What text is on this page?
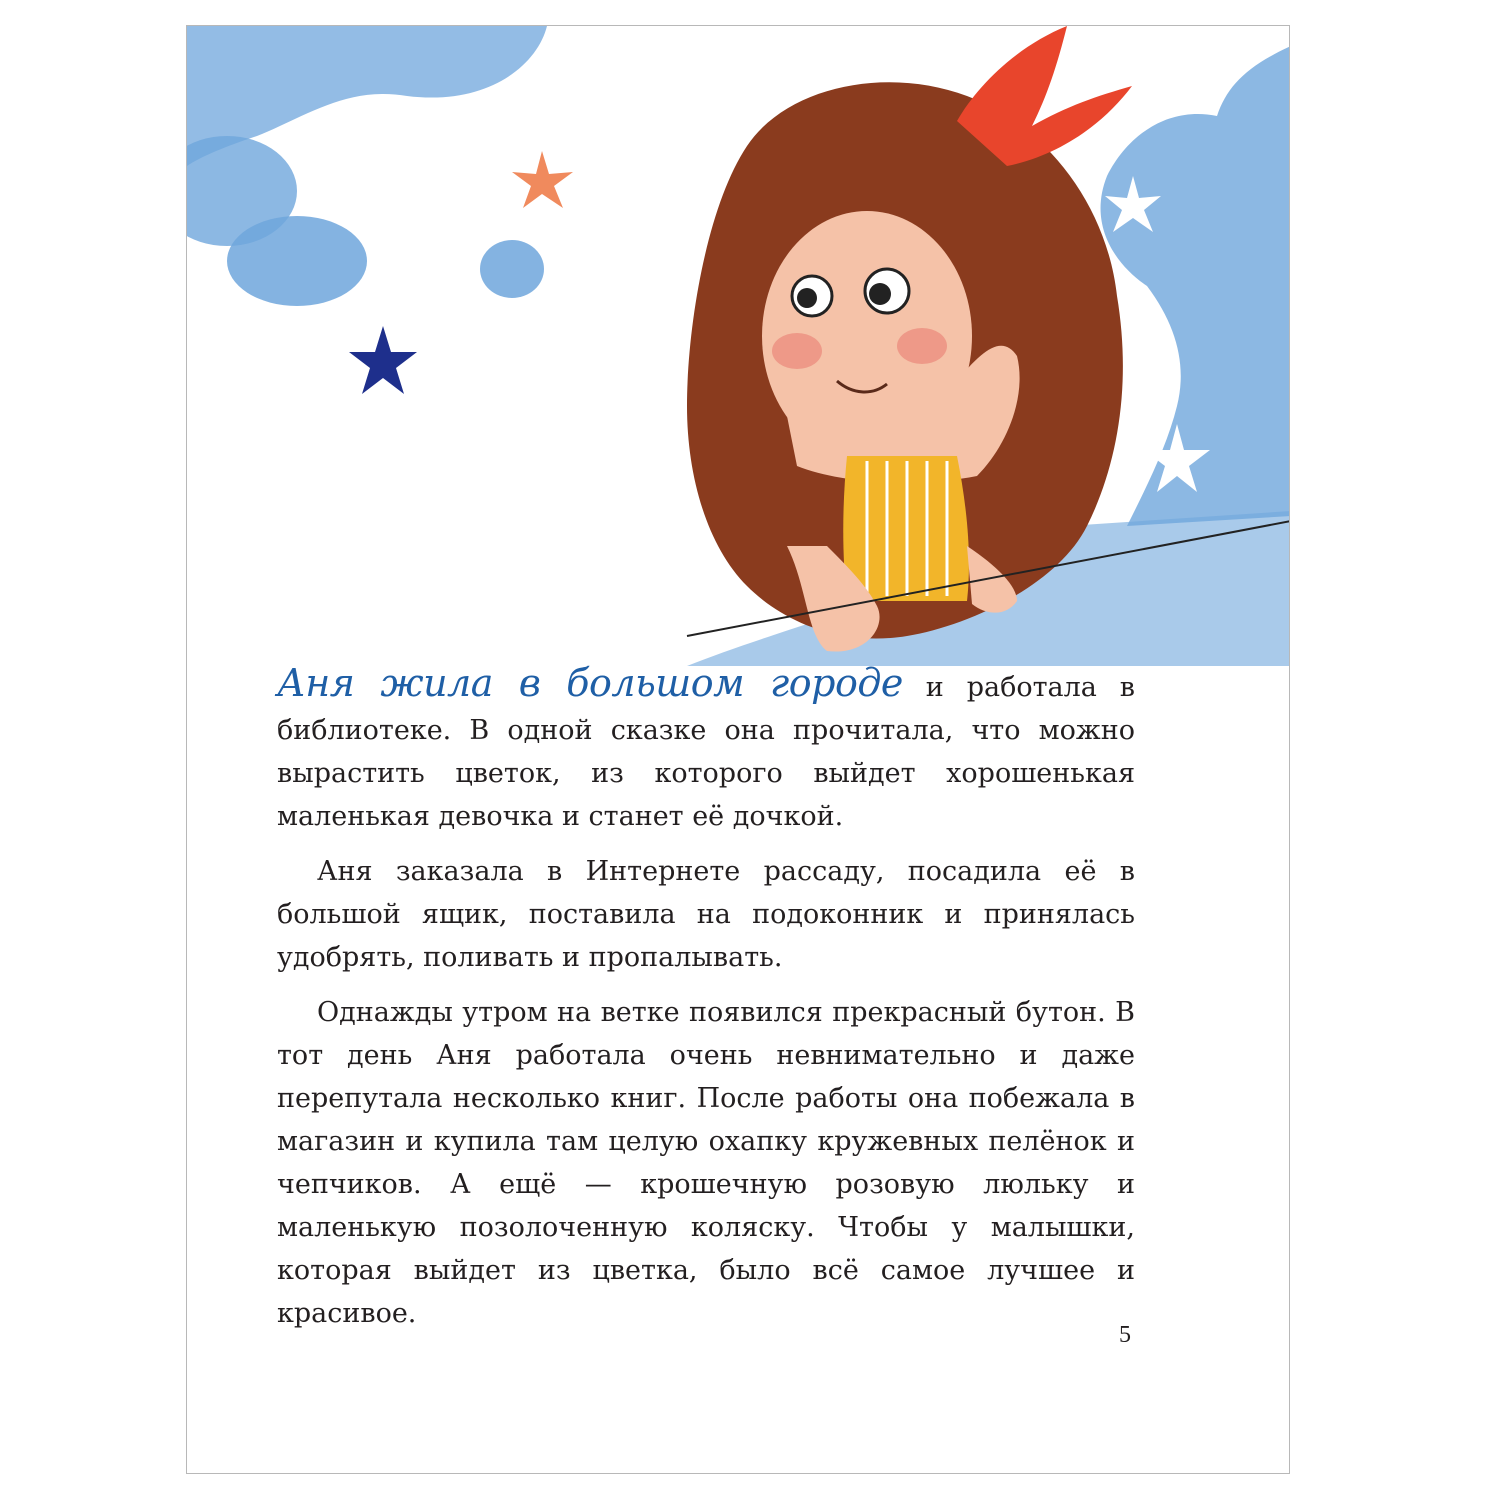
Аня жила в большом городе и работала в библиотеке. В одной сказке она прочитала, что можно вырастить цветок, из которого выйдет хорошенькая маленькая девочка и станет её дочкой.

Аня заказала в Интернете рассаду, посадила её в большой ящик, поставила на подоконник и принялась удобрять, поливать и пропалывать.

Однажды утром на ветке появился прекрасный бутон. В тот день Аня работала очень невнимательно и даже перепутала несколько книг. После работы она побежала в магазин и купила там целую охапку кружевных пелёнок и чепчиков. А ещё — крошечную розовую люльку и маленькую позолоченную коляску. Чтобы у малышки, которая выйдет из цветка, было всё самое лучшее и красивое.

5
